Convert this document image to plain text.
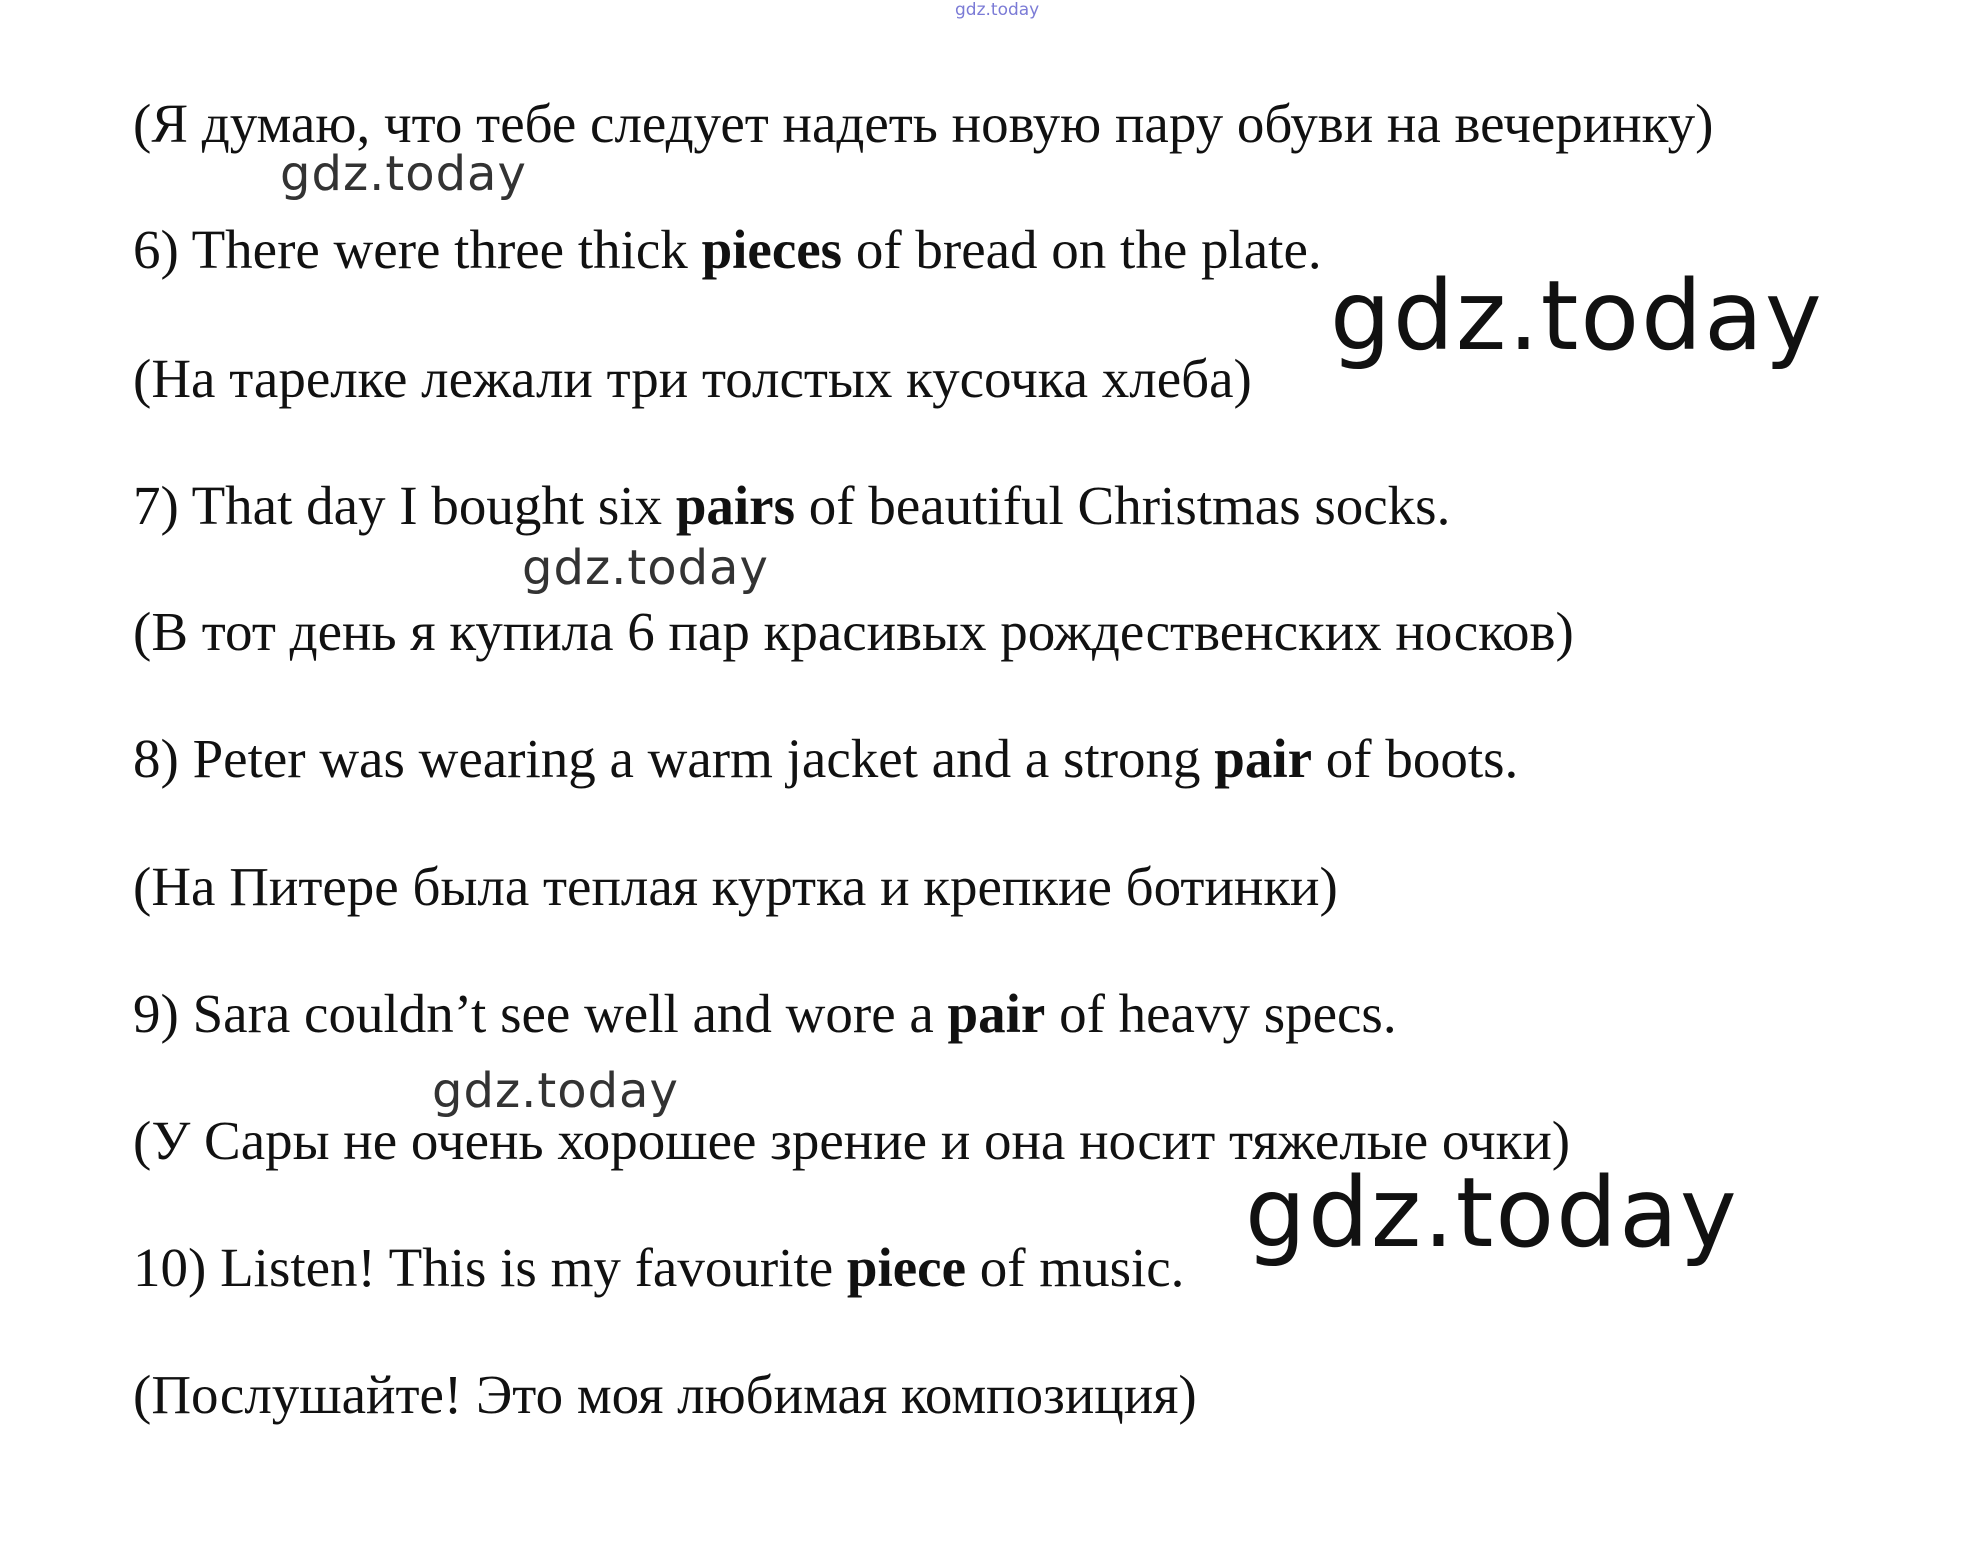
gdz.today
gdz.today
gdz.today
gdz.today
gdz.today
gdz.today

(Я думаю, что тебе следует надеть новую пару обуви на вечеринку)

6) There were three thick pieces of bread on the plate.

(На тарелке лежали три толстых кусочка хлеба)

7) That day I bought six pairs of beautiful Christmas socks.

(В тот день я купила 6 пар красивых рождественских носков)

8) Peter was wearing a warm jacket and a strong pair of boots.

(На Питере была теплая куртка и крепкие ботинки)

9) Sara couldn’t see well and wore a pair of heavy specs.

(У Сары не очень хорошее зрение и она носит тяжелые очки)

10) Listen! This is my favourite piece of music.

(Послушайте! Это моя любимая композиция)
